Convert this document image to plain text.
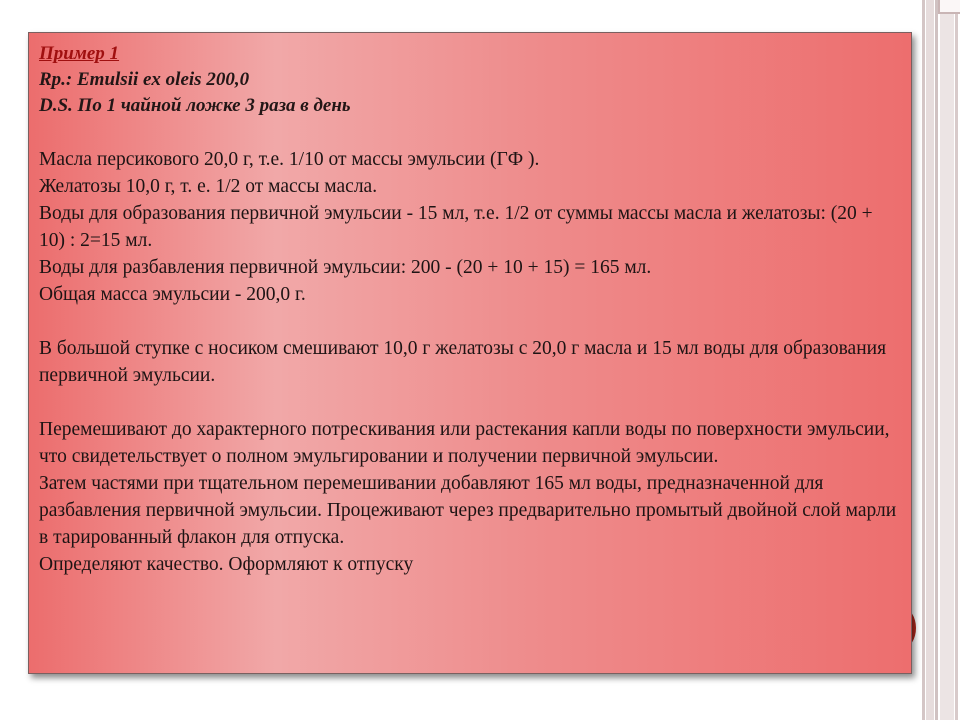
Пример 1
Rp.: Emulsii ex oleis 200,0
D.S. По 1 чайной ложке 3 раза в день
Масла персикового 20,0 г, т.е. 1/10 от массы эмульсии (ГФ ).
Желатозы 10,0 г, т. е. 1/2 от массы масла.
Воды для образования первичной эмульсии - 15 мл, т.е. 1/2 от суммы массы масла и желатозы: (20 + 10) : 2=15 мл.
Воды для разбавления первичной эмульсии: 200 - (20 + 10 + 15) = 165 мл.
Общая масса эмульсии - 200,0 г.
В большой ступке с носиком смешивают 10,0 г желатозы с 20,0 г масла и 15 мл воды для образования первичной эмульсии.
Перемешивают до характерного потрескивания или растекания капли воды по поверхности эмульсии, что свидетельствует о полном эмульгировании и получении первичной эмульсии.
Затем частями при тщательном перемешивании добавляют 165 мл воды, предназначенной для разбавления первичной эмульсии. Процеживают через предварительно промытый двойной слой марли в тарированный флакон для отпуска.
Определяют качество. Оформляют к отпуску
